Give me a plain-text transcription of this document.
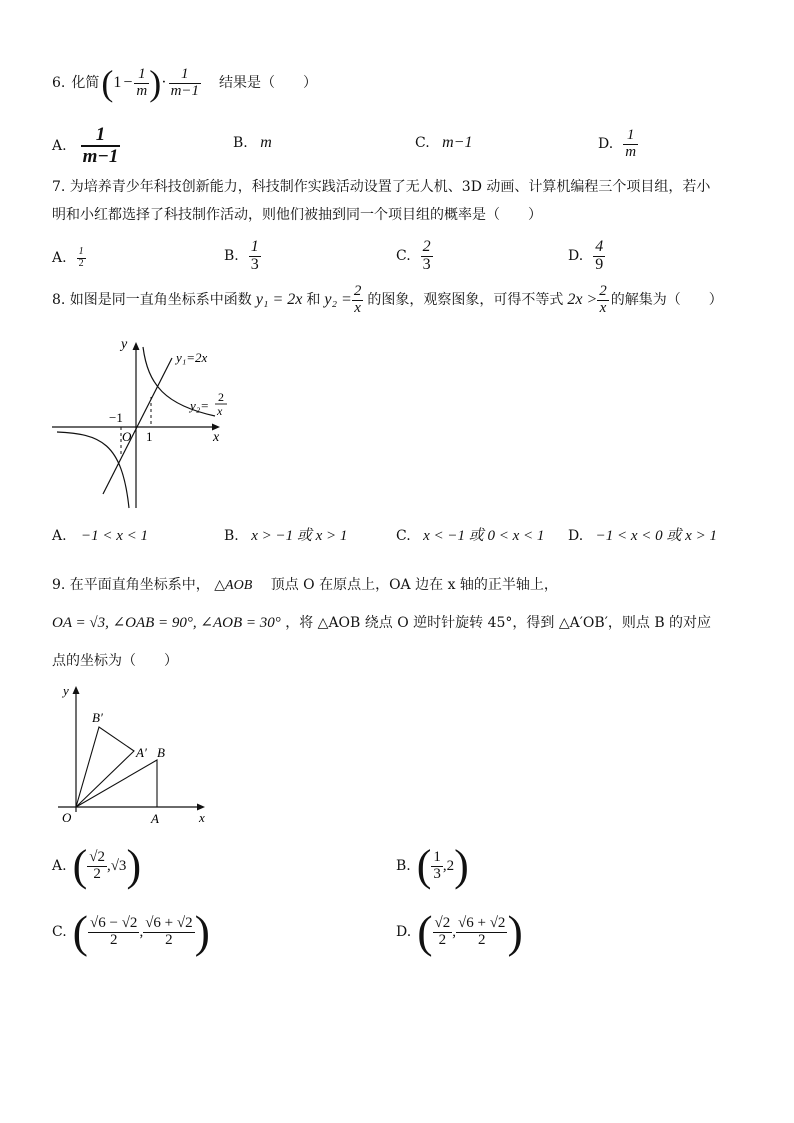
6. 化简 ( $1 - \frac{1}{m}$ ) · $\frac{1}{m-1}$ 结果是（　　）
A. $\frac{1}{m-1}$	B. m	C. m−1	D. $\frac{1}{m}$
7. 为培养青少年科技创新能力，科技制作实践活动设置了无人机、3D 动画、计算机编程三个项目组，若小
明和小红都选择了科技制作活动，则他们被抽到同一个项目组的概率是（　　）
A. $\frac{1}{2}$	B. $\frac{1}{3}$	C. $\frac{2}{3}$	D. $\frac{4}{9}$
8. 如图是同一直角坐标系中函数 y₁ = 2x 和 $y_2 = \frac{2}{x}$ 的图象，观察图象，可得不等式 $2x > \frac{2}{x}$ 的解集为（　　）
y
x
O
−1
1
y₁=2x
y₂=
2
x
A. −1 < x < 1	B. x > −1 或 x > 1	C. x < −1 或 0 < x < 1 D. −1 < x < 0 或 x > 1
9. 在平面直角坐标系中， △AOB 顶点 O 在原点上，OA 边在 x 轴的正半轴上，
OA = √3, ∠OAB = 90°, ∠AOB = 30° ，将 △AOB 绕点 O 逆时针旋转 45°，得到 △A′OB′，则点 B 的对应
点的坐标为（　　）
y
x
O	A
B
A′
B′
A. ( $\frac{√2}{2}$ , √3 )	B. ( $\frac{1}{3}$ , 2 )
C. ( $\frac{√6 - √2}{2}$ , $\frac{√6 + √2}{2}$ )	D. ( $\frac{√2}{2}$ , $\frac{√6 + √2}{2}$ )
